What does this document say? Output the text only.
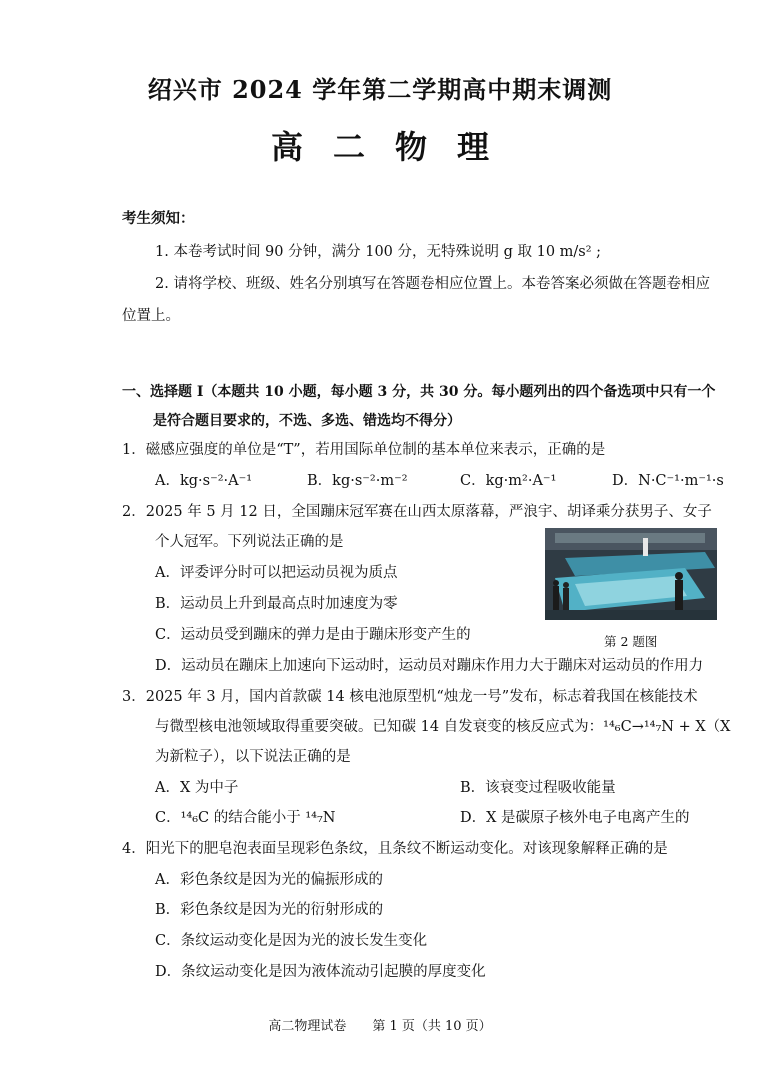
绍兴市 2024 学年第二学期高中期末调测
高二物理
考生须知：
1. 本卷考试时间 90 分钟，满分 100 分，无特殊说明 g 取 10 m/s² ;
2. 请将学校、班级、姓名分别填写在答题卷相应位置上。本卷答案必须做在答题卷相应
位置上。
一、选择题 I（本题共 10 小题，每小题 3 分，共 30 分。每小题列出的四个备选项中只有一个
是符合题目要求的，不选、多选、错选均不得分）
1．磁感应强度的单位是“T”，若用国际单位制的基本单位来表示，正确的是
A．kg·s⁻²·A⁻¹	B．kg·s⁻²·m⁻²	C．kg·m²·A⁻¹	D．N·C⁻¹·m⁻¹·s
2．2025 年 5 月 12 日，全国蹦床冠军赛在山西太原落幕，严浪宇、胡译乘分获男子、女子
个人冠军。下列说法正确的是
A．评委评分时可以把运动员视为质点
B．运动员上升到最高点时加速度为零
C．运动员受到蹦床的弹力是由于蹦床形变产生的
D．运动员在蹦床上加速向下运动时，运动员对蹦床作用力大于蹦床对运动员的作用力
第 2 题图
3．2025 年 3 月，国内首款碳 14 核电池原型机“烛龙一号”发布，标志着我国在核能技术
与微型核电池领域取得重要突破。已知碳 14 自发衰变的核反应式为：¹⁴₆C→¹⁴₇N + X（X
为新粒子），以下说法正确的是
A．X 为中子	B．该衰变过程吸收能量
C．¹⁴₆C 的结合能小于 ¹⁴₇N	D．X 是碳原子核外电子电离产生的
4．阳光下的肥皂泡表面呈现彩色条纹，且条纹不断运动变化。对该现象解释正确的是
A．彩色条纹是因为光的偏振形成的
B．彩色条纹是因为光的衍射形成的
C．条纹运动变化是因为光的波长发生变化
D．条纹运动变化是因为液体流动引起膜的厚度变化
高二物理试卷　　第 1 页（共 10 页）
